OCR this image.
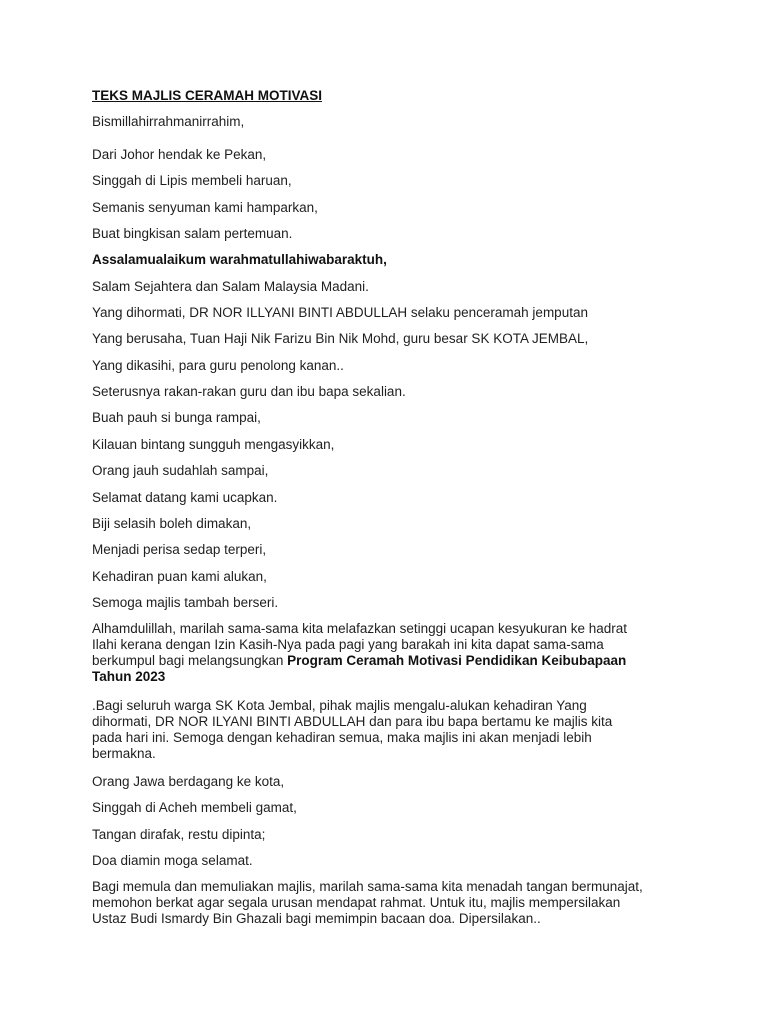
TEKS MAJLIS CERAMAH MOTIVASI

Bismillahirrahmanirrahim,

Dari Johor hendak ke Pekan,

Singgah di Lipis membeli haruan,

Semanis senyuman kami hamparkan,

Buat bingkisan salam pertemuan.

Assalamualaikum warahmatullahiwabaraktuh,

Salam Sejahtera dan Salam Malaysia Madani.

Yang dihormati, DR NOR ILLYANI BINTI ABDULLAH selaku penceramah jemputan

Yang berusaha, Tuan Haji Nik Farizu Bin Nik Mohd, guru besar SK KOTA JEMBAL,

Yang dikasihi, para guru penolong kanan..

Seterusnya rakan-rakan guru dan ibu bapa sekalian.

Buah pauh si bunga rampai,

Kilauan bintang sungguh mengasyikkan,

Orang jauh sudahlah sampai,

Selamat datang kami ucapkan.

Biji selasih boleh dimakan,

Menjadi perisa sedap terperi,

Kehadiran puan kami alukan,

Semoga majlis tambah berseri.

Alhamdulillah, marilah sama-sama kita melafazkan setinggi ucapan kesyukuran ke hadrat
Ilahi kerana dengan Izin Kasih-Nya pada pagi yang barakah ini kita dapat sama-sama
berkumpul bagi melangsungkan Program Ceramah Motivasi Pendidikan Keibubapaan
Tahun 2023
.Bagi seluruh warga SK Kota Jembal, pihak majlis mengalu-alukan kehadiran Yang
dihormati, DR NOR ILYANI BINTI ABDULLAH dan para ibu bapa bertamu ke majlis kita
pada hari ini. Semoga dengan kehadiran semua, maka majlis ini akan menjadi lebih
bermakna.

Orang Jawa berdagang ke kota,

Singgah di Acheh membeli gamat,

Tangan dirafak, restu dipinta;

Doa diamin moga selamat.

Bagi memula dan memuliakan majlis, marilah sama-sama kita menadah tangan bermunajat,
memohon berkat agar segala urusan mendapat rahmat. Untuk itu, majlis mempersilakan
Ustaz Budi Ismardy Bin Ghazali bagi memimpin bacaan doa. Dipersilakan..
